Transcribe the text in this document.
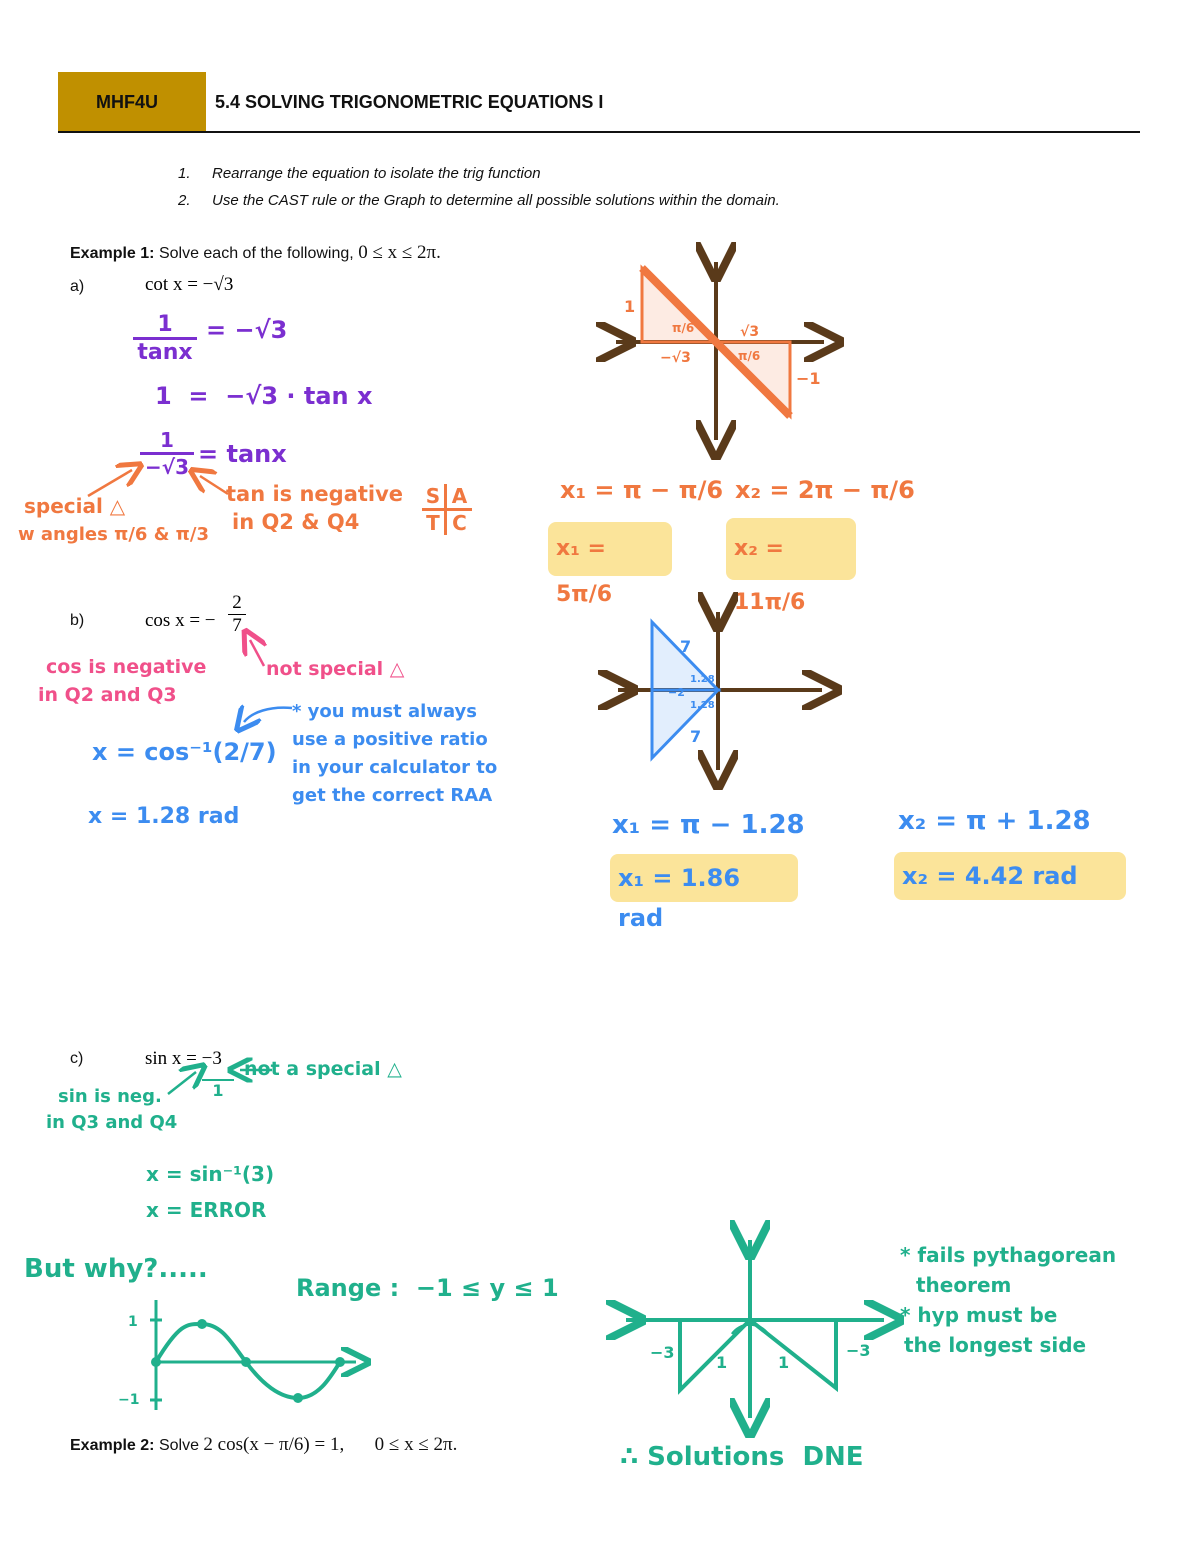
MHF4U	5.4 SOLVING TRIGONOMETRIC EQUATIONS I
1. Rearrange the equation to isolate the trig function
2. Use the CAST rule or the Graph to determine all possible solutions within the domain.
Example 1: Solve each of the following, 0 ≤ x ≤ 2π.
a)	cot x = −√3
1
tanx
= −√3
1  =  −√3 · tan x
1
−√3 = tanx
special △
w angles π/6 & π/3
tan is negative
in Q2 & Q4
S A
T C
x₁ = π − π/6 x₂ = 2π − π/6
x₁ = 5π/6
x₂ = 11π/6
b)	cos x = −
2
7
cos is negative
in Q2 and Q3
not special △
x = cos⁻¹(2/7)
x = 1.28 rad
* you must always
use a positive ratio
in your calculator to
get the correct RAA
x₁ = π − 1.28	x₂ = π + 1.28
x₁ = 1.86 rad
x₂ = 4.42 rad
c)	sin x = −3
1
not a special △
sin is neg.
in Q3 and Q4
x = sin⁻¹(3)
x = ERROR
But why?.....
Range :  −1 ≤ y ≤ 1
* fails pythagorean
theorem
* hyp must be
the longest side
∴ Solutions  DNE
Example 2: Solve 2 cos(x − π/6) = 1, 0 ≤ x ≤ 2π.
1
−√3
√3
−1
π/6
π/6
7
7
1.28
1.28
−2
1
−1
−3
1	1
−3
